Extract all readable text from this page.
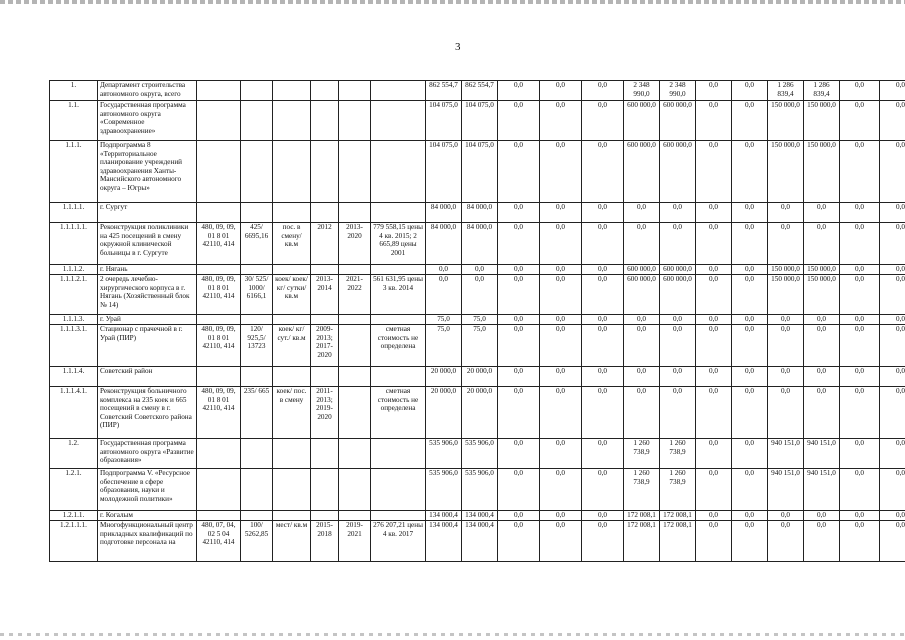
3
1.	Департамент строительства автономного округа, всего							862 554,7	862 554,7	0,0	0,0	0,0	2 348 990,0	2 348 990,0	0,0	0,0	1 286 839,4	1 286 839,4	0,0	0,0
1.1.	Государственная программа автономного округа «Современное здравоохранение»							104 075,0	104 075,0	0,0	0,0	0,0	600 000,0	600 000,0	0,0	0,0	150 000,0	150 000,0	0,0	0,0
1.1.1.	Подпрограмма 8 «Территориальное планирование учреждений здравоохранения Ханты-Мансийского автономного округа – Югры»							104 075,0	104 075,0	0,0	0,0	0,0	600 000,0	600 000,0	0,0	0,0	150 000,0	150 000,0	0,0	0,0
1.1.1.1.	г. Сургут							84 000,0	84 000,0	0,0	0,0	0,0	0,0	0,0	0,0	0,0	0,0	0,0	0,0	0,0
1.1.1.1.1.	Реконструкция поликлиники на 425 посещений в смену окружной клинической больницы в г. Сургуте	480, 09, 09, 01 8 01 42110, 414	425/ 6695,16	пос. в смену/ кв.м	2012	2013-2020	779 558,15 цены 4 кв. 2015; 2 665,89 цены 2001	84 000,0	84 000,0	0,0	0,0	0,0	0,0	0,0	0,0	0,0	0,0	0,0	0,0	0,0
1.1.1.2.	г. Нягань							0,0	0,0	0,0	0,0	0,0	600 000,0	600 000,0	0,0	0,0	150 000,0	150 000,0	0,0	0,0
1.1.1.2.1.	2 очередь лечебно-хирургического корпуса в г. Нягань (Хозяйственный блок № 14)	480, 09, 09, 01 8 01 42110, 414	30/ 525/ 1000/ 6166,1	коек/ коек/ кг/ сутки/ кв.м	2013-2014	2021-2022	561 631,95 цены 3 кв. 2014	0,0	0,0	0,0	0,0	0,0	600 000,0	600 000,0	0,0	0,0	150 000,0	150 000,0	0,0	0,0
1.1.1.3.	г. Урай							75,0	75,0	0,0	0,0	0,0	0,0	0,0	0,0	0,0	0,0	0,0	0,0	0,0
1.1.1.3.1.	Стационар с прачечной в г. Урай (ПИР)	480, 09, 09, 01 8 01 42110, 414	120/ 925,5/ 13723	коек/ кг/ сут./ кв.м	2009-2013; 2017-2020		сметная стоимость не определена	75,0	75,0	0,0	0,0	0,0	0,0	0,0	0,0	0,0	0,0	0,0	0,0	0,0
1.1.1.4.	Советский район							20 000,0	20 000,0	0,0	0,0	0,0	0,0	0,0	0,0	0,0	0,0	0,0	0,0	0,0
1.1.1.4.1.	Реконструкция больничного комплекса на 235 коек и 665 посещений в смену в г. Советский Советского района (ПИР)	480, 09, 09, 01 8 01 42110, 414	235/ 665	коек/ пос. в смену	2011-2013; 2019-2020		сметная стоимость не определена	20 000,0	20 000,0	0,0	0,0	0,0	0,0	0,0	0,0	0,0	0,0	0,0	0,0	0,0
1.2.	Государственная программа автономного округа «Развитие образования»							535 906,0	535 906,0	0,0	0,0	0,0	1 260 738,9	1 260 738,9	0,0	0,0	940 151,0	940 151,0	0,0	0,0
1.2.1.	Подпрограмма V. «Ресурсное обеспечение в сфере образования, науки и молодежной политики»							535 906,0	535 906,0	0,0	0,0	0,0	1 260 738,9	1 260 738,9	0,0	0,0	940 151,0	940 151,0	0,0	0,0
1.2.1.1.	г. Когалым							134 000,4	134 000,4	0,0	0,0	0,0	172 008,1	172 008,1	0,0	0,0	0,0	0,0	0,0	0,0
1.2.1.1.1.	Многофункциональный центр прикладных квалификаций по подготовке персонала на	480, 07, 04, 02 5 04 42110, 414	100/ 5262,85	мест/ кв.м	2015-2018	2019-2021	276 207,21 цены 4 кв. 2017	134 000,4	134 000,4	0,0	0,0	0,0	172 008,1	172 008,1	0,0	0,0	0,0	0,0	0,0	0,0
